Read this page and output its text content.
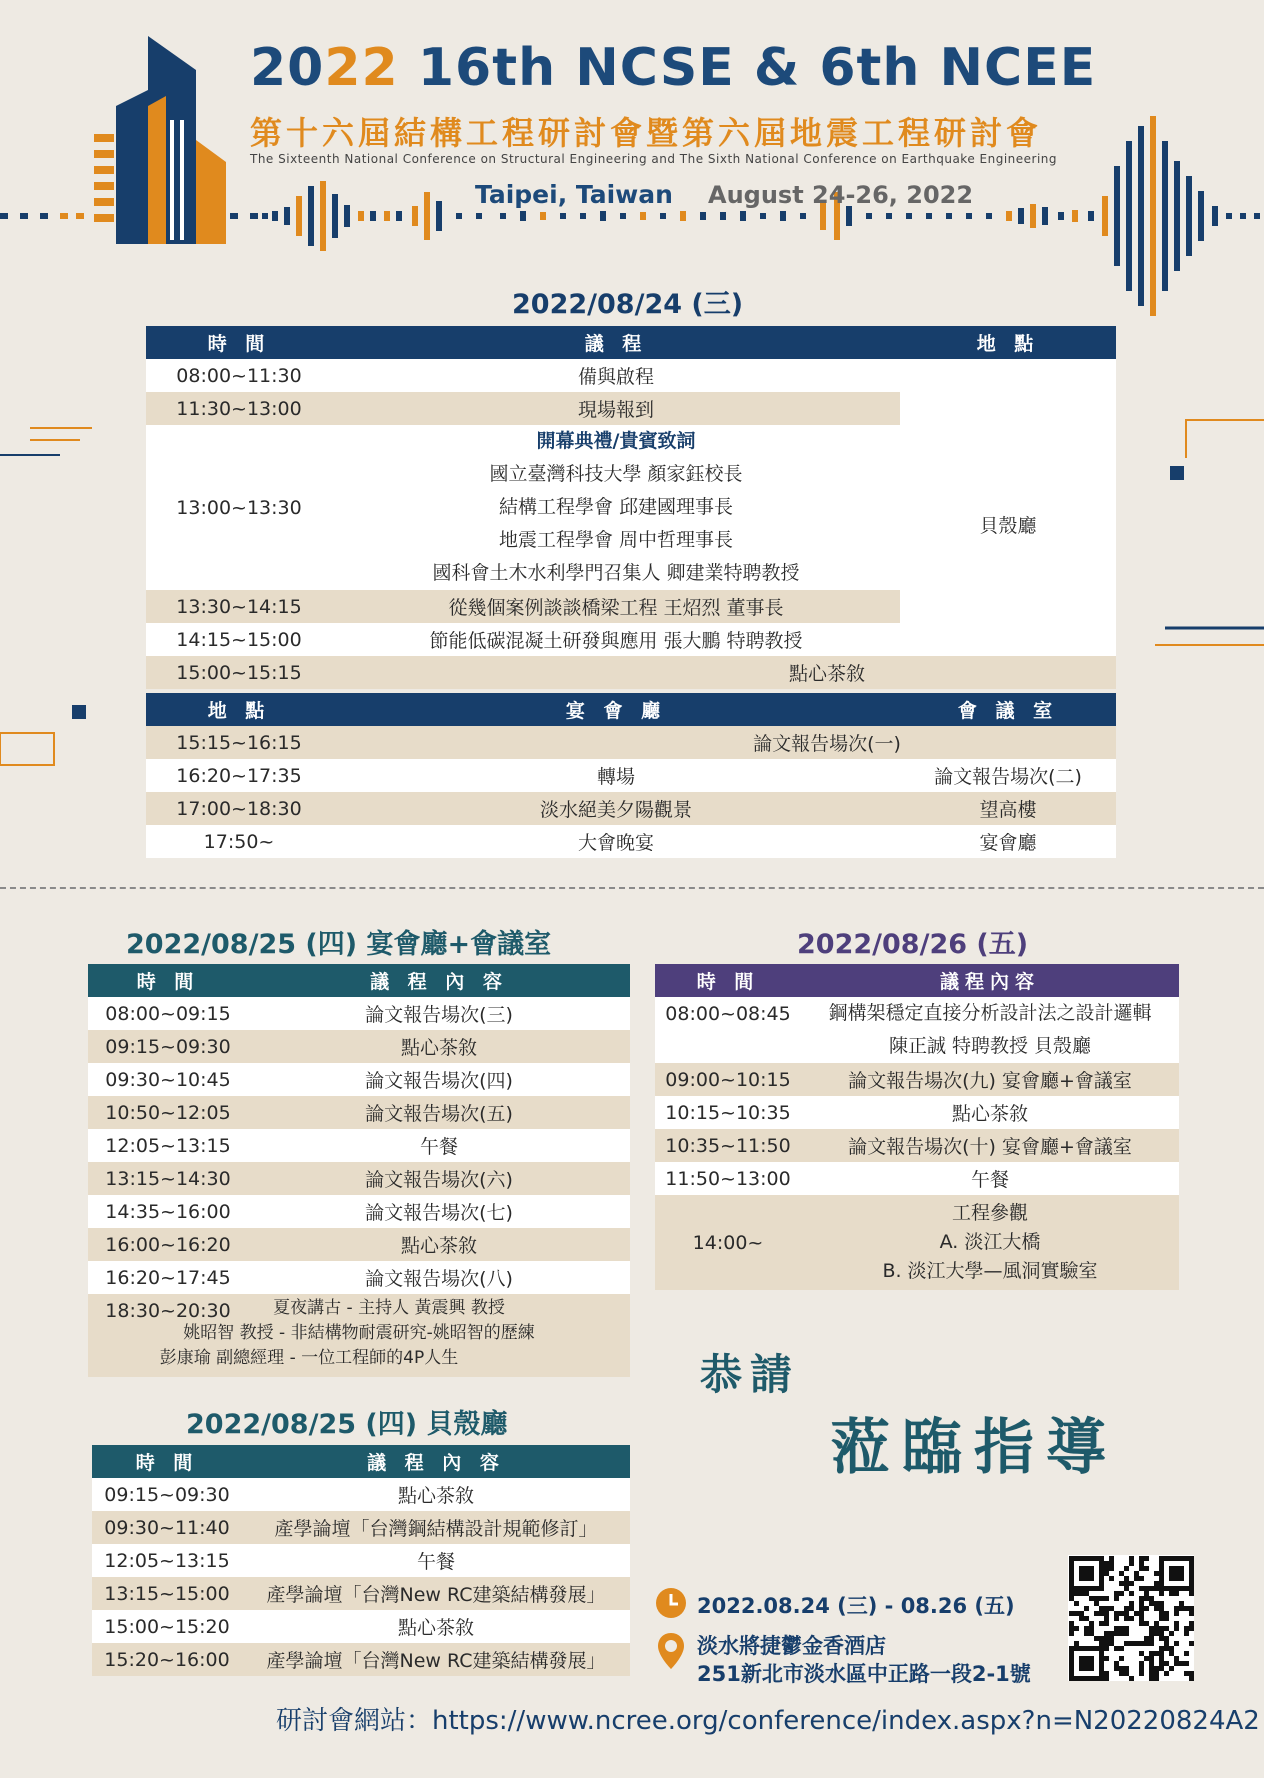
2022 16th NCSE & 6th NCEE
第十六屆結構工程研討會暨第六屆地震工程研討會
The Sixteenth National Conference on Structural Engineering and The Sixth National Conference on Earthquake Engineering
Taipei, Taiwan August 24-26, 2022
2022/08/24 (三)
時 間	議 程	地 點
08:00~11:30	備與啟程	貝殼廳
11:30~13:00	現場報到	
13:00~13:30	開幕典禮/貴賓致詞
國立臺灣科技大學 顏家鈺校長
結構工程學會 邱建國理事長
地震工程學會 周中哲理事長
國科會土木水利學門召集人 卿建業特聘教授	

13:30~14:15	從幾個案例談談橋梁工程 王炤烈 董事長	
14:15~15:00	節能低碳混凝土研發與應用 張大鵬 特聘教授	
15:00~15:15	點心茶敘	
地 點	宴 會 廳	會 議 室
15:15~16:15	論文報告場次(一)	
16:20~17:35	轉場	論文報告場次(二)
17:00~18:30	淡水絕美夕陽觀景	望高樓
17:50~	大會晚宴	宴會廳
2022/08/25 (四) 宴會廳+會議室
時 間	議 程 內 容
08:00~09:15	論文報告場次(三)
09:15~09:30	點心茶敘
09:30~10:45	論文報告場次(四)
10:50~12:05	論文報告場次(五)
12:05~13:15	午餐
13:15~14:30	論文報告場次(六)
14:35~16:00	論文報告場次(七)
16:00~16:20	點心茶敘
16:20~17:45	論文報告場次(八)
18:30~20:30	夏夜講古 - 主持人 黃震興 教授
姚昭智 教授 - 非結構物耐震研究-姚昭智的歷練
彭康瑜 副總經理 - 一位工程師的4P人生
2022/08/25 (四) 貝殼廳
時 間	議 程 內 容
09:15~09:30	點心茶敘
09:30~11:40	產學論壇「台灣鋼結構設計規範修訂」
12:05~13:15	午餐
13:15~15:00	產學論壇「台灣New RC建築結構發展」
15:00~15:20	點心茶敘
15:20~16:00	產學論壇「台灣New RC建築結構發展」
2022/08/26 (五)
時 間	議程內容
08:00~08:45	鋼構架穩定直接分析設計法之設計邏輯
陳正誠 特聘教授 貝殼廳

09:00~10:15	論文報告場次(九) 宴會廳+會議室
10:15~10:35	點心茶敘
10:35~11:50	論文報告場次(十) 宴會廳+會議室
11:50~13:00	午餐
14:00~	工程參觀
A. 淡江大橋
B. 淡江大學—風洞實驗室
恭請
蒞臨指導
2022.08.24 (三) - 08.26 (五)
淡水將捷鬱金香酒店
251新北市淡水區中正路一段2-1號
研討會網站：https://www.ncree.org/conference/index.aspx?n=N20220824A2
